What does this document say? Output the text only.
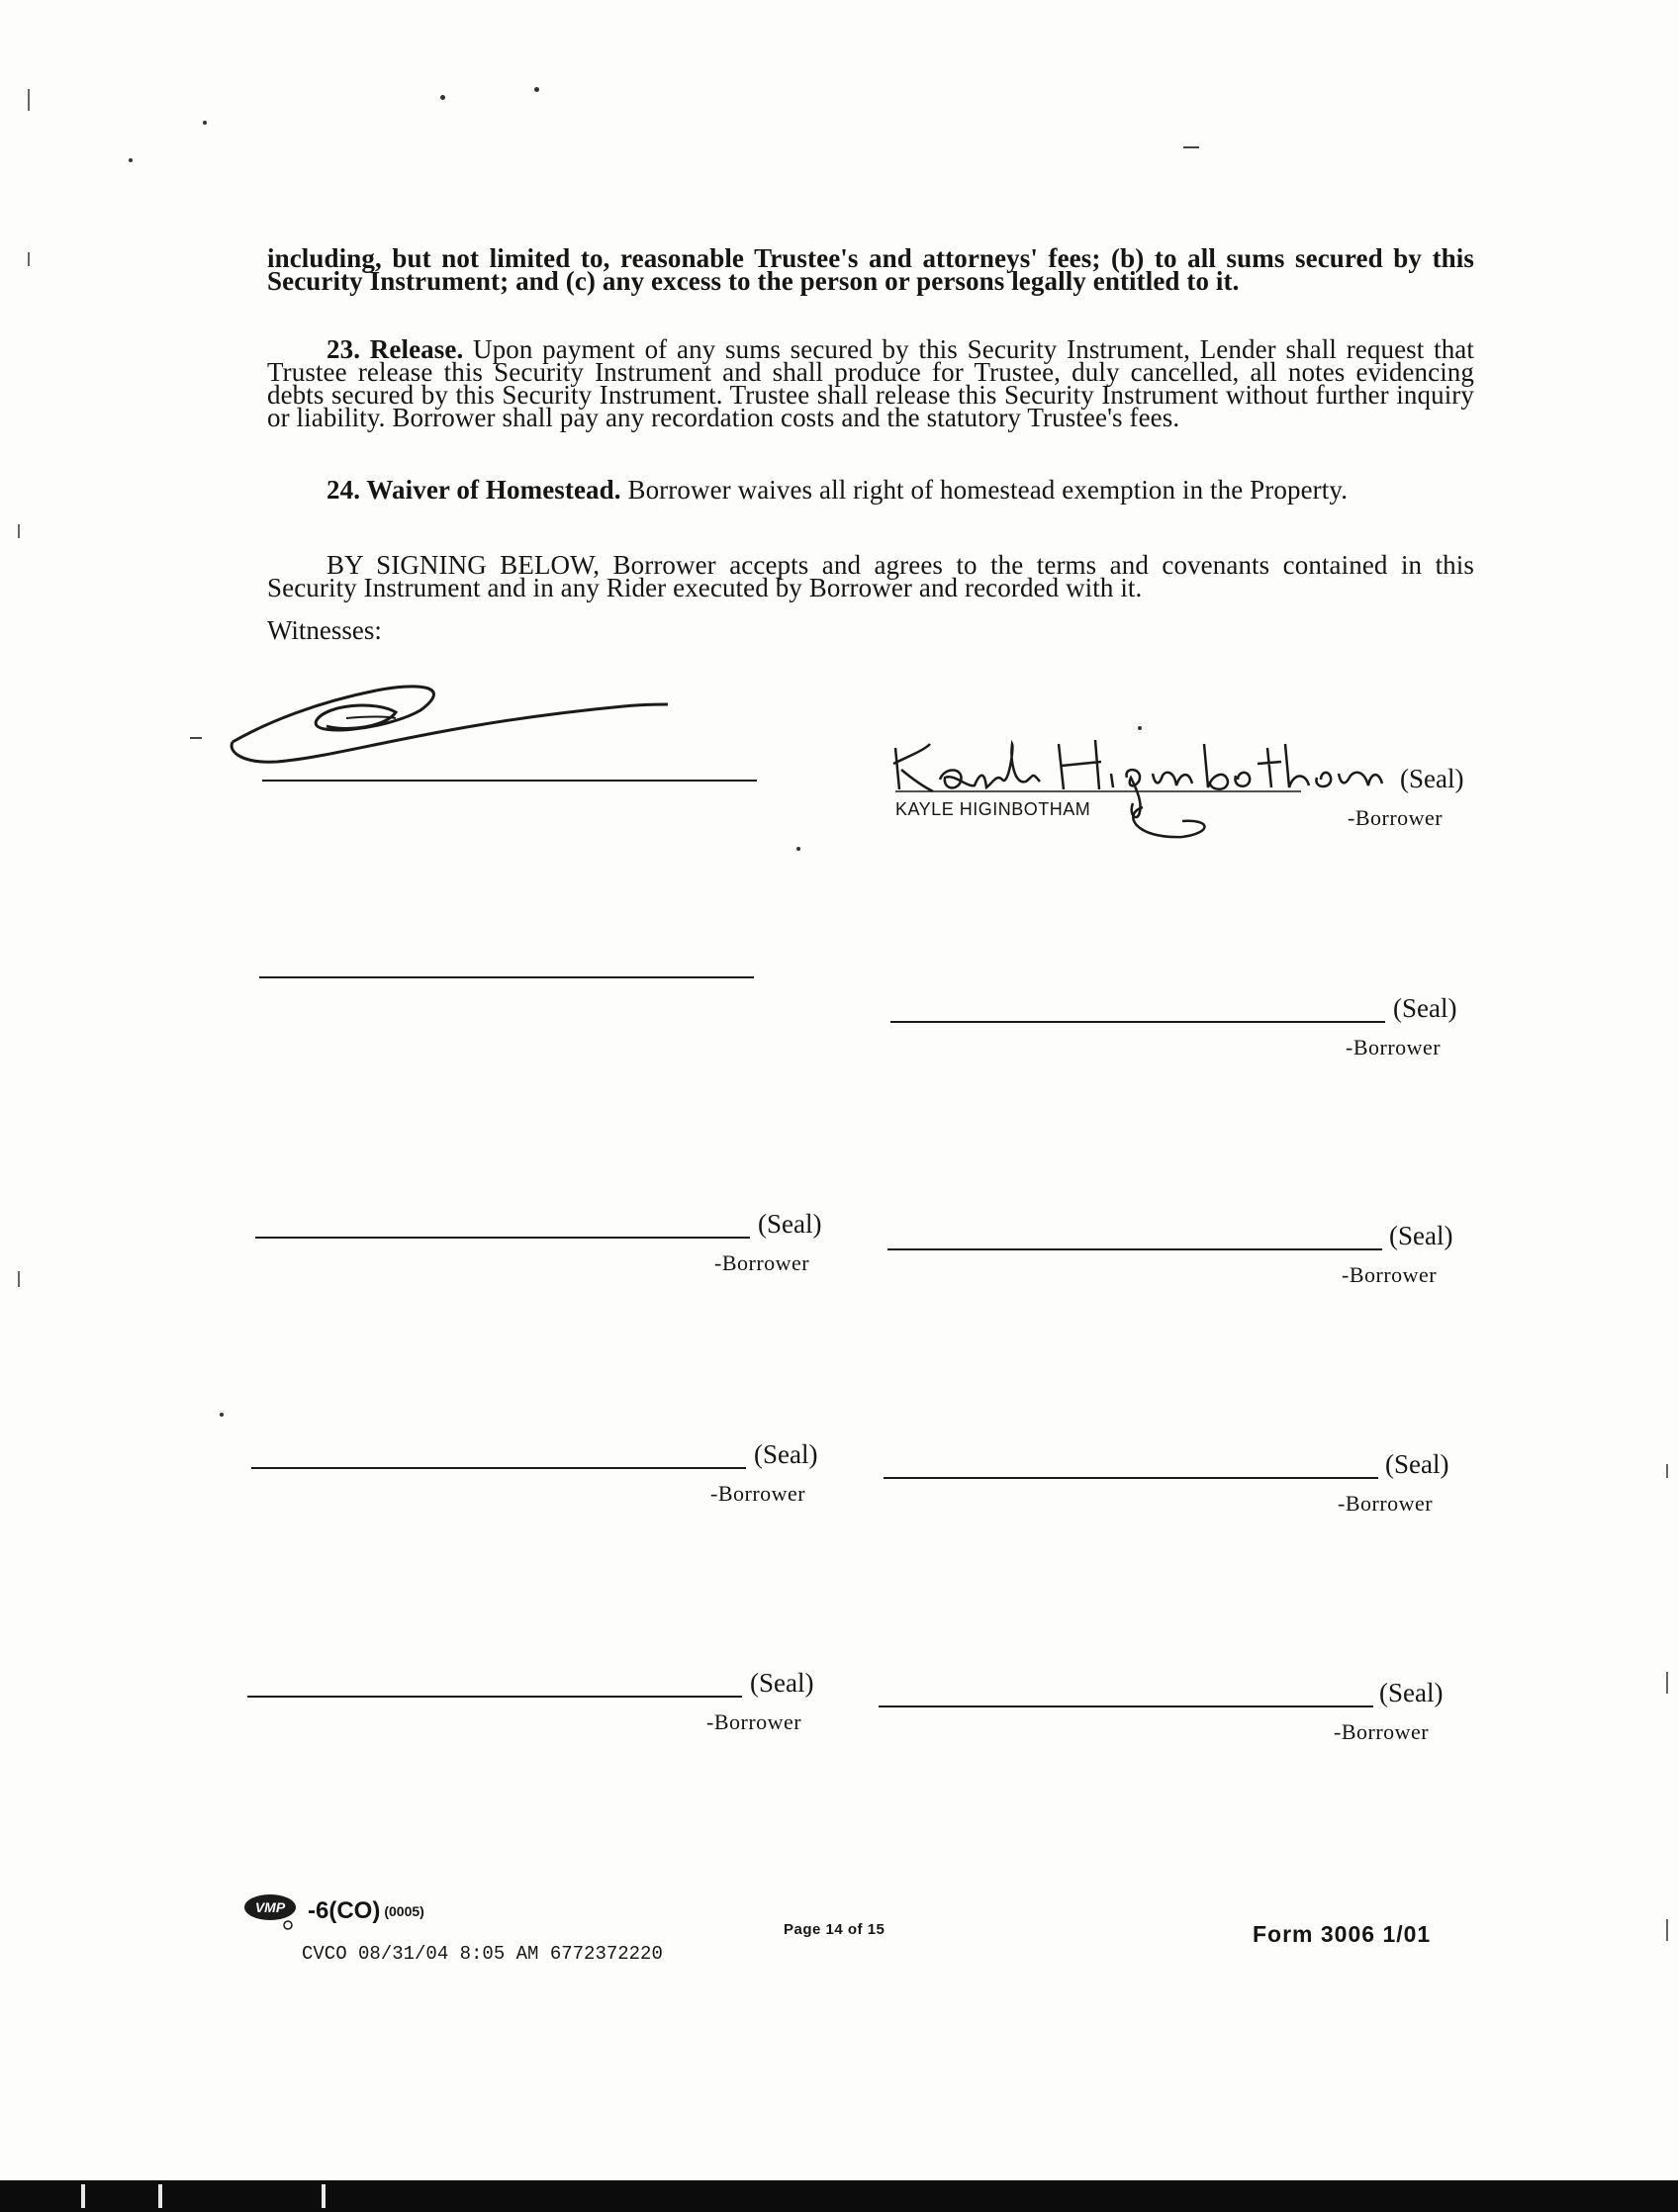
including, but not limited to, reasonable Trustee's and attorneys' fees; (b) to all sums secured by this Security Instrument; and (c) any excess to the person or persons legally entitled to it.
23. Release. Upon payment of any sums secured by this Security Instrument, Lender shall request that Trustee release this Security Instrument and shall produce for Trustee, duly cancelled, all notes evidencing debts secured by this Security Instrument. Trustee shall release this Security Instrument without further inquiry or liability. Borrower shall pay any recordation costs and the statutory Trustee's fees.
24. Waiver of Homestead. Borrower waives all right of homestead exemption in the Property.
BY SIGNING BELOW, Borrower accepts and agrees to the terms and covenants contained in this Security Instrument and in any Rider executed by Borrower and recorded with it.
Witnesses:
(Seal)
KAYLE HIGINBOTHAM	-Borrower
(Seal)
-Borrower
(Seal)
-Borrower
(Seal)
-Borrower
(Seal)
-Borrower
(Seal)
-Borrower
(Seal)
-Borrower
(Seal)
-Borrower
VMP -6(CO) (0005)
Page 14 of 15	Form 3006 1/01
CVCO 08/31/04 8:05 AM 6772372220
